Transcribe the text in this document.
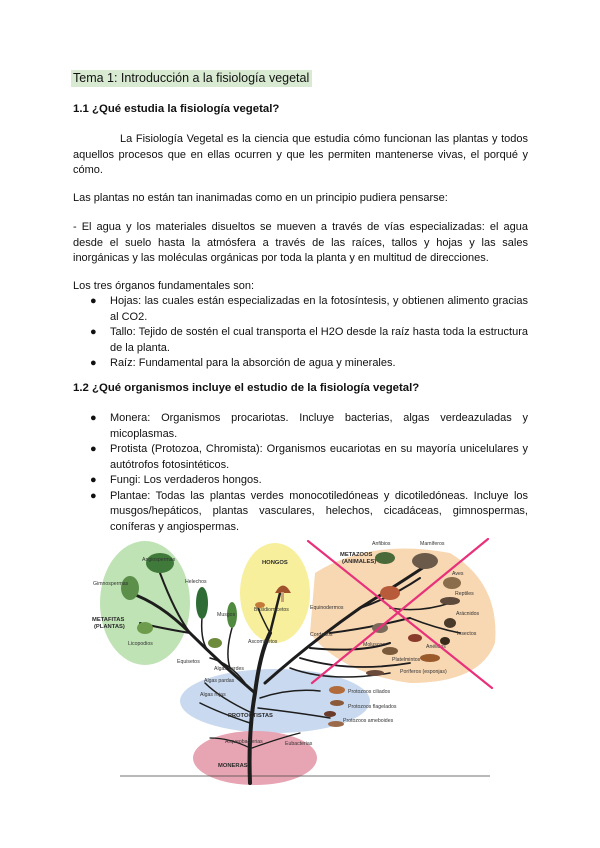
Tema 1: Introducción a la fisiología vegetal
1.1 ¿Qué estudia la fisiología vegetal?

La Fisiología Vegetal es la ciencia que estudia cómo funcionan las plantas y todos aquellos procesos que en ellas ocurren y que les permiten mantenerse vivas, el porqué y cómo.

Las plantas no están tan inanimadas como en un principio pudiera pensarse:

- El agua y los materiales disueltos se mueven a través de vías especializadas: el agua desde el suelo hasta la atmósfera a través de las raíces, tallos y hojas y las sales inorgánicas y las moléculas orgánicas por toda la planta y en multitud de direcciones.

Los tres órganos fundamentales son:

● Hojas: las cuales están especializadas en la fotosíntesis, y obtienen alimento gracias al CO2.
● Tallo: Tejido de sostén el cual transporta el H2O desde la raíz hasta toda la estructura de la planta.
● Raíz: Fundamental para la absorción de agua y minerales.
1.2 ¿Qué organismos incluye el estudio de la fisiología vegetal?
● Monera: Organismos procariotas. Incluye bacterias, algas verdeazuladas y micoplasmas.
● Protista (Protozoa, Chromista): Organismos eucariotas en su mayoría unicelulares y autótrofos fotosintéticos.
● Fungi: Los verdaderos hongos.
● Plantae: Todas las plantas verdes monocotiledóneas y dicotiledóneas. Incluye los musgos/hepáticos, plantas vasculares, helechos, cicadáceas, gimnospermas, coníferas y angiospermas.
Angiospermas
Gimnospermas	Helechos
Musgos
Licopodios
Equisetos
Basidiomicetos
Ascomicetos
Anfibios	Mamíferos
Aves
Reptiles
Arácnidos
Insectos
Equinodermos
Cordados
Moluscos	Anélidos
Platelmintos
Poríferos (esponjas)
Algas verdes
Algas pardas
Algas rojas	Protozoos ciliados
Protozoos flagelados
Protozoos ameboides
Arqueobacterias	Eubacterias
METAFITAS
(PLANTAS)
HONGOS
METAZOOS
(ANIMALES)
PROTOCTISTAS
MONERAS
